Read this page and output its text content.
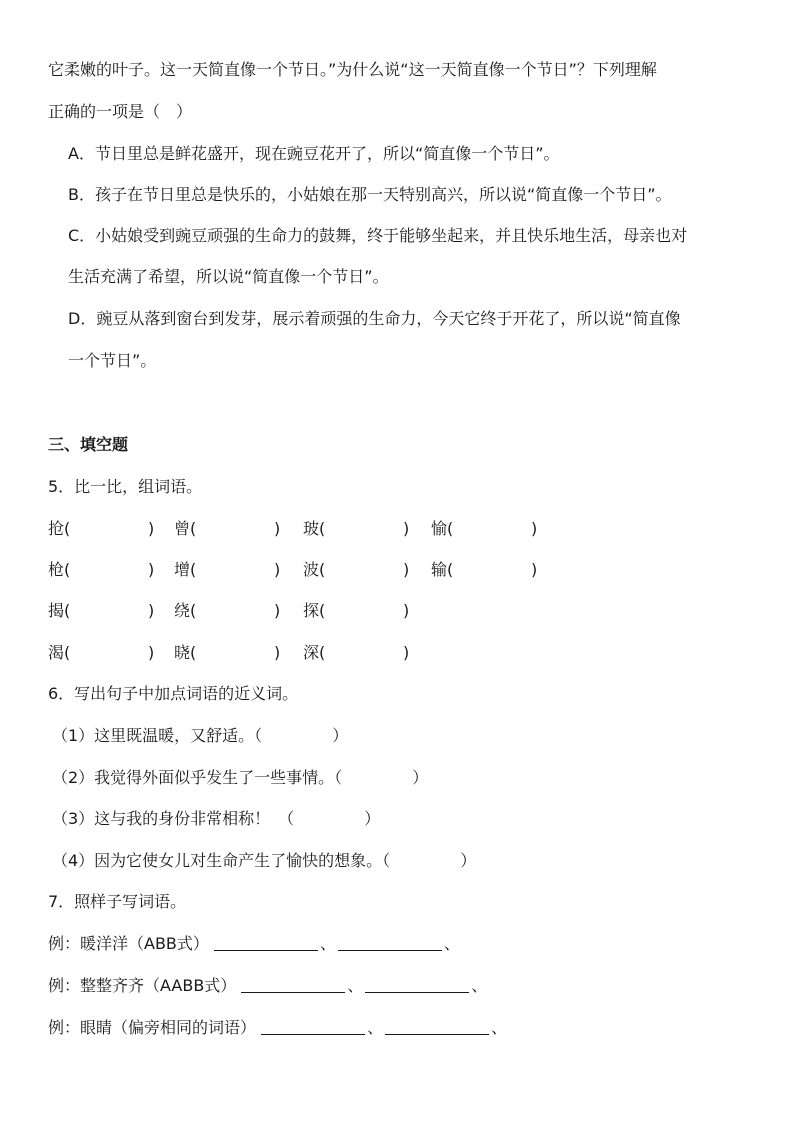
它柔嫩的叶子。这一天简直像一个节日。”为什么说“这一天简直像一个节日”？下列理解
正确的一项是（　）
A．节日里总是鲜花盛开，现在豌豆花开了，所以“简直像一个节日”。
B．孩子在节日里总是快乐的，小姑娘在那一天特别高兴，所以说“简直像一个节日”。
C．小姑娘受到豌豆顽强的生命力的鼓舞，终于能够坐起来，并且快乐地生活，母亲也对
生活充满了希望，所以说“简直像一个节日”。
D．豌豆从落到窗台到发芽，展示着顽强的生命力，今天它终于开花了，所以说“简直像
一个节日”。
三、填空题
5．比一比，组词语。
抢(	) 曾(	) 玻(	) 愉(	)
枪(	) 增(	) 波(	) 输(	)
揭(	) 绕(	) 探(	)
渴(	) 晓(	) 深(	)
6．写出句子中加点词语的近义词。
（1）这里既温暖，又舒适。（	）
（2）我觉得外面似乎发生了一些事情。（	）
（3）这与我的身份非常相称！　（	）
（4）因为它使女儿对生命产生了愉快的想象。（	）
7．照样子写词语。
例：暖洋洋（ABB式）	、	、
例：整整齐齐（AABB式）	、	、
例：眼睛（偏旁相同的词语）	、	、
